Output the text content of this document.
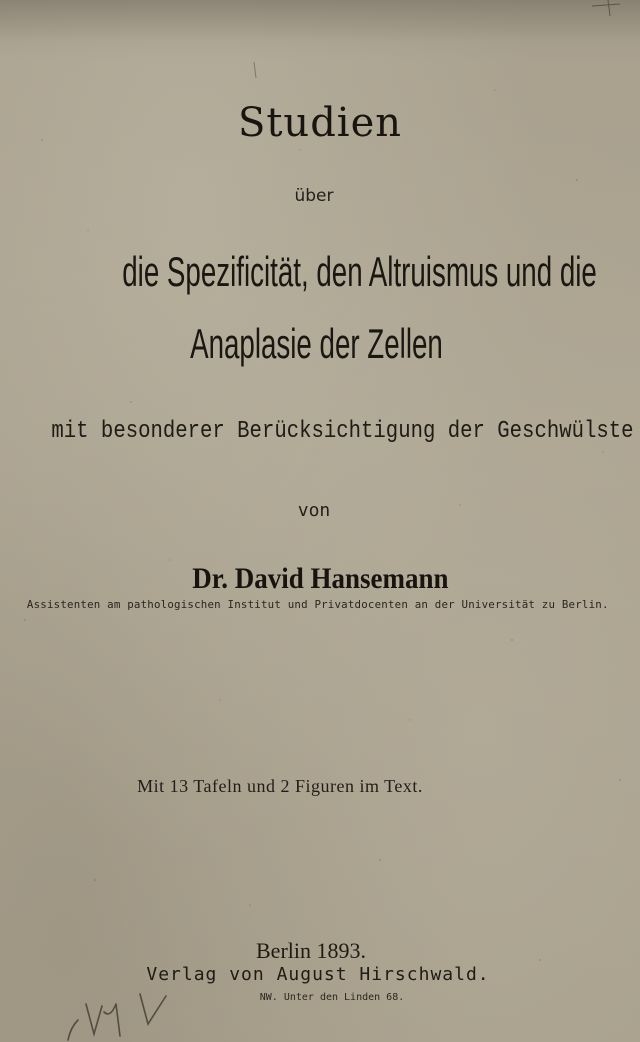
Studien
über
die Spezificität, den Altruismus und die
Anaplasie der Zellen
mit besonderer Berücksichtigung der Geschwülste
von
Dr. David Hansemann
Assistenten am pathologischen Institut und Privatdocenten an der Universität zu Berlin.
Mit 13 Tafeln und 2 Figuren im Text.
Berlin 1893.
Verlag von August Hirschwald.
NW. Unter den Linden 68.
